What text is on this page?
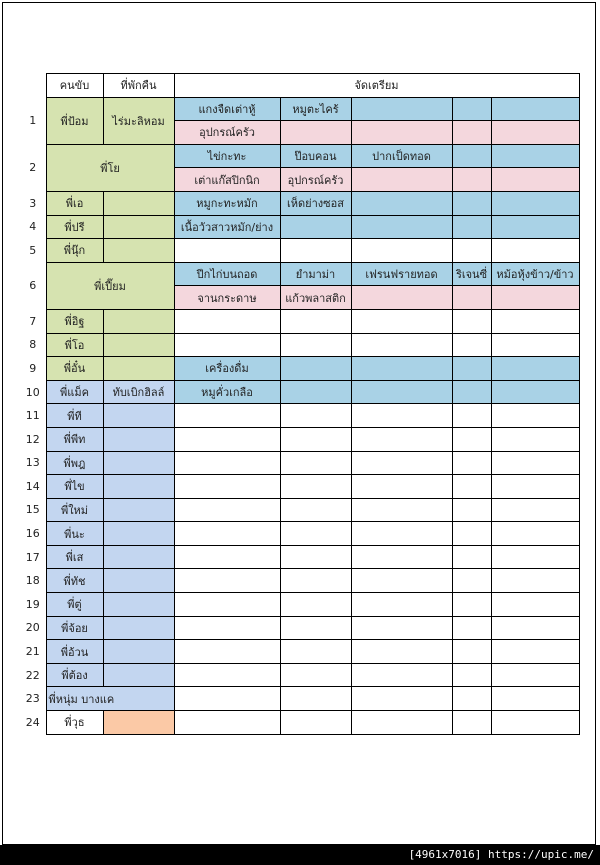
	คนขับ	ที่พักคืน	จัดเตรียม				
1	พี่ป้อม	ไร่มะลิหอม	แกงจืดเต่าหู้	หมูตะไคร้			
			อุปกรณ์ครัว				
2	พี่โย		ไข่กะทะ	ป๊อบคอน	ปากเป็ดทอด		
			เต่าแก๊สปิกนิก	อุปกรณ์ครัว			
3	พี่เอ		หมูกะทะหมัก	เห็ดย่างซอส			
4	พี่ปรี		เนื้อวัวสาวหมัก/ย่าง				
5	พี่นุ๊ก						
6	พี่เปี๊ยม		ปีกไก่บนถอด	ยำมาม่า	เฟรนฟรายทอด	ริเจนซี่	หม้อหุ้งข้าว/ข้าว
			จานกระดาษ	แก้วพลาสติก			
7	พี่อิฐ						
8	พี่โอ						
9	พี่อั๋น		เครื่องดื่ม				
10	พี่แม็ค	ทับเบิกฮิลล์	หมูคั่วเกลือ				
11	พี่ที						
12	พี่พีท						
13	พี่พฎ						
14	พี่ไข						
15	พี่ใหม่						
16	พี่นะ						
17	พี่เส						
18	พี่ทัช						
19	พี่ตู่						
20	พี่จ้อย						
21	พี่อ้วน						
22	พี่ต้อง						
23	พี่หนุ่ม บางแค						
24	พี่วุธ						
[4961x7016] https://upic.me/
